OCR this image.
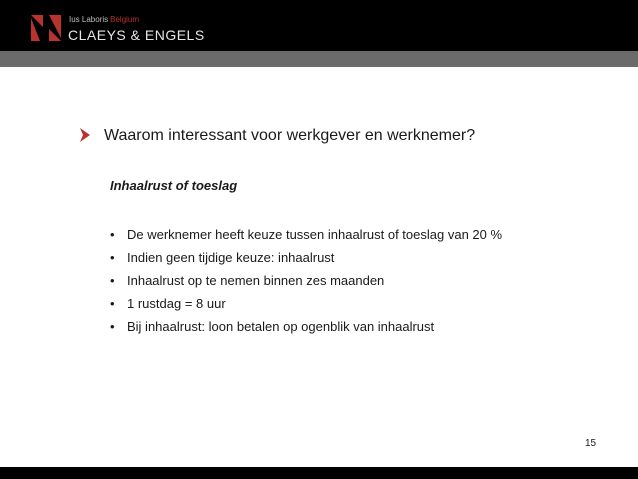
Ius Laboris Belgium
CLAEYS & ENGELS
Waarom interessant voor werkgever en werknemer?
Inhaalrust of toeslag
• De werknemer heeft keuze tussen inhaalrust of toeslag van 20 %
• Indien geen tijdige keuze: inhaalrust
• Inhaalrust op te nemen binnen zes maanden
• 1 rustdag = 8 uur
• Bij inhaalrust: loon betalen op ogenblik van inhaalrust
15
